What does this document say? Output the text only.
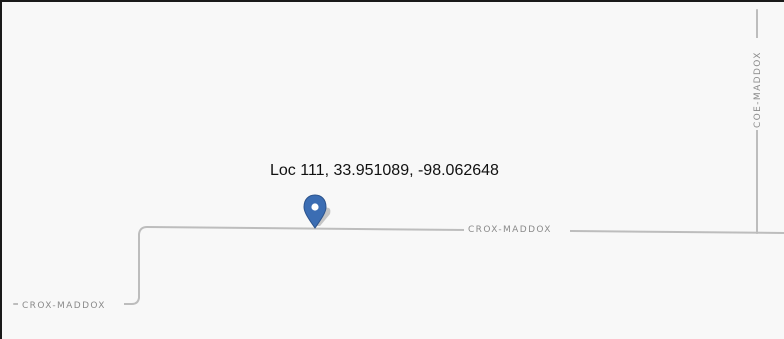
CROX-MADDOX
CROX-MADDOX
COE-MADDOX
Loc 111, 33.951089, -98.062648
